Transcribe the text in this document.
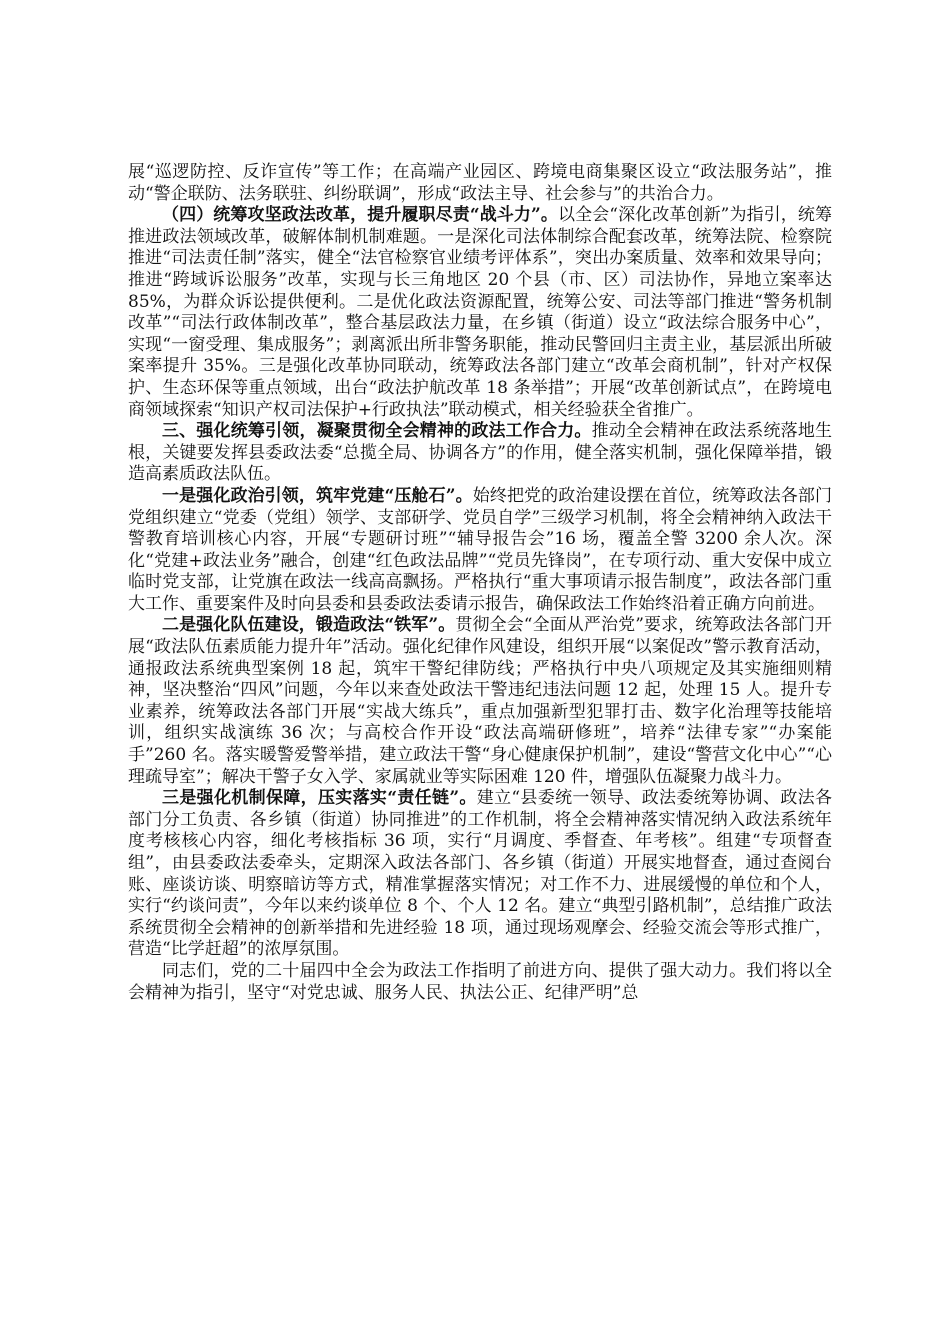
展“巡逻防控、反诈宣传”等工作；在高端产业园区、跨境电商集聚区设立“政法服务站”，推动“警企联防、法务联驻、纠纷联调”，形成“政法主导、社会参与”的共治合力。

（四）统筹攻坚政法改革，提升履职尽责“战斗力”。以全会“深化改革创新”为指引，统筹推进政法领域改革，破解体制机制难题。一是深化司法体制综合配套改革，统筹法院、检察院推进“司法责任制”落实，健全“法官检察官业绩考评体系”，突出办案质量、效率和效果导向；推进“跨域诉讼服务”改革，实现与长三角地区 20 个县（市、区）司法协作，异地立案率达 85%，为群众诉讼提供便利。二是优化政法资源配置，统筹公安、司法等部门推进“警务机制改革”“司法行政体制改革”，整合基层政法力量，在乡镇（街道）设立“政法综合服务中心”，实现“一窗受理、集成服务”；剥离派出所非警务职能，推动民警回归主责主业，基层派出所破案率提升 35%。三是强化改革协同联动，统筹政法各部门建立“改革会商机制”，针对产权保护、生态环保等重点领域，出台“政法护航改革 18 条举措”；开展“改革创新试点”，在跨境电商领域探索“知识产权司法保护+行政执法”联动模式，相关经验获全省推广。

三、强化统筹引领，凝聚贯彻全会精神的政法工作合力。推动全会精神在政法系统落地生根，关键要发挥县委政法委“总揽全局、协调各方”的作用，健全落实机制，强化保障举措，锻造高素质政法队伍。

一是强化政治引领，筑牢党建“压舱石”。始终把党的政治建设摆在首位，统筹政法各部门党组织建立“党委（党组）领学、支部研学、党员自学”三级学习机制，将全会精神纳入政法干警教育培训核心内容，开展“专题研讨班”“辅导报告会”16 场，覆盖全警 3200 余人次。深化“党建+政法业务”融合，创建“红色政法品牌”“党员先锋岗”，在专项行动、重大安保中成立临时党支部，让党旗在政法一线高高飘扬。严格执行“重大事项请示报告制度”，政法各部门重大工作、重要案件及时向县委和县委政法委请示报告，确保政法工作始终沿着正确方向前进。

二是强化队伍建设，锻造政法“铁军”。贯彻全会“全面从严治党”要求，统筹政法各部门开展“政法队伍素质能力提升年”活动。强化纪律作风建设，组织开展“以案促改”警示教育活动，通报政法系统典型案例 18 起，筑牢干警纪律防线；严格执行中央八项规定及其实施细则精神，坚决整治“四风”问题，今年以来查处政法干警违纪违法问题 12 起，处理 15 人。提升专业素养，统筹政法各部门开展“实战大练兵”，重点加强新型犯罪打击、数字化治理等技能培训，组织实战演练 36 次；与高校合作开设“政法高端研修班”，培养“法律专家”“办案能手”260 名。落实暖警爱警举措，建立政法干警“身心健康保护机制”，建设“警营文化中心”“心理疏导室”；解决干警子女入学、家属就业等实际困难 120 件，增强队伍凝聚力战斗力。

三是强化机制保障，压实落实“责任链”。建立“县委统一领导、政法委统筹协调、政法各部门分工负责、各乡镇（街道）协同推进”的工作机制，将全会精神落实情况纳入政法系统年度考核核心内容，细化考核指标 36 项，实行“月调度、季督查、年考核”。组建“专项督查组”，由县委政法委牵头，定期深入政法各部门、各乡镇（街道）开展实地督查，通过查阅台账、座谈访谈、明察暗访等方式，精准掌握落实情况；对工作不力、进展缓慢的单位和个人，实行“约谈问责”，今年以来约谈单位 8 个、个人 12 名。建立“典型引路机制”，总结推广政法系统贯彻全会精神的创新举措和先进经验 18 项，通过现场观摩会、经验交流会等形式推广，营造“比学赶超”的浓厚氛围。

同志们，党的二十届四中全会为政法工作指明了前进方向、提供了强大动力。我们将以全会精神为指引，坚守“对党忠诚、服务人民、执法公正、纪律严明”总
